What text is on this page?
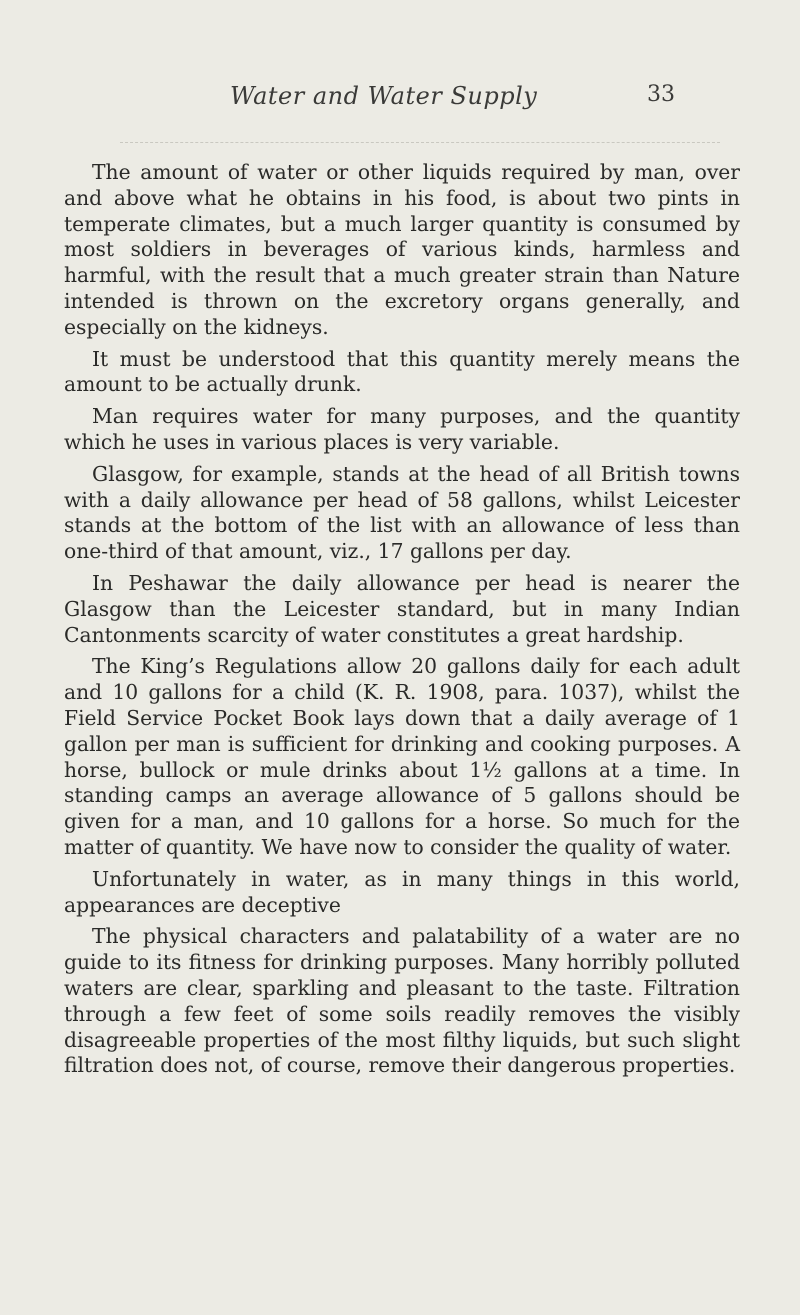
Water and Water Supply	33

The amount of water or other liquids required by man, over and above what he obtains in his food, is about two pints in temperate climates, but a much larger quantity is consumed by most soldiers in beverages of various kinds, harmless and harmful, with the result that a much greater strain than Nature intended is thrown on the excretory organs generally, and especially on the kidneys.

It must be understood that this quantity merely means the amount to be actually drunk.

Man requires water for many purposes, and the quantity which he uses in various places is very variable.

Glasgow, for example, stands at the head of all British towns with a daily allowance per head of 58 gallons, whilst Leicester stands at the bottom of the list with an allowance of less than one-third of that amount, viz., 17 gallons per day.

In Peshawar the daily allowance per head is nearer the Glasgow than the Leicester standard, but in many Indian Cantonments scarcity of water constitutes a great hardship.

The King’s Regulations allow 20 gallons daily for each adult and 10 gallons for a child (K. R. 1908, para. 1037), whilst the Field Service Pocket Book lays down that a daily average of 1 gallon per man is sufficient for drinking and cooking purposes. A horse, bullock or mule drinks about 1½ gallons at a time. In standing camps an average allowance of 5 gallons should be given for a man, and 10 gallons for a horse. So much for the matter of quantity. We have now to consider the quality of water.

Unfortunately in water, as in many things in this world, appearances are deceptive

The physical characters and palatability of a water are no guide to its fitness for drinking purposes. Many horribly polluted waters are clear, sparkling and pleasant to the taste. Filtration through a few feet of some soils readily removes the visibly disagreeable properties of the most filthy liquids, but such slight filtration does not, of course, remove their dangerous properties.
